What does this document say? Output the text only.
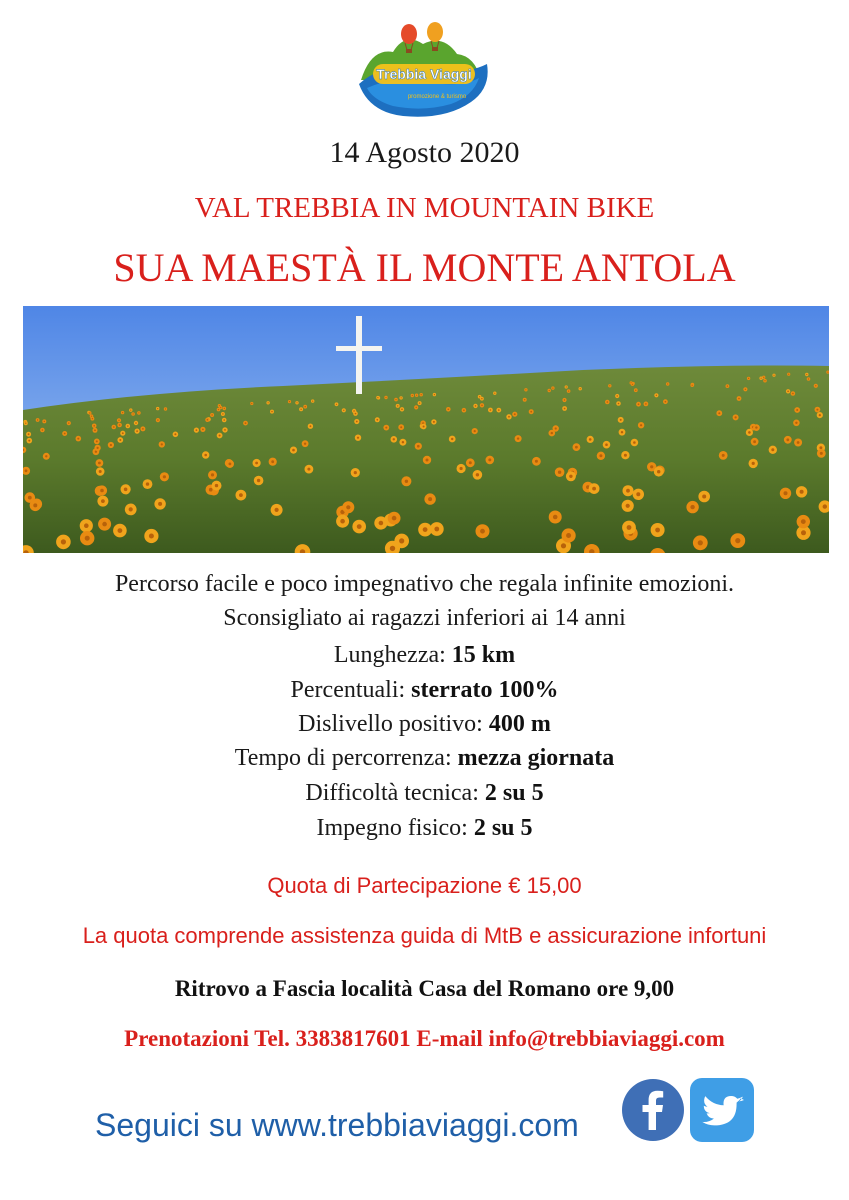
Trebbia Viaggi
promozione & turismo
14 Agosto 2020
VAL TREBBIA IN MOUNTAIN BIKE
SUA MAESTÀ IL MONTE ANTOLA
Percorso facile e poco impegnativo che regala infinite emozioni.
Sconsigliato ai ragazzi inferiori ai 14 anni
Lunghezza: 15 km
Percentuali: sterrato 100%
Dislivello positivo: 400 m
Tempo di percorrenza: mezza giornata
Difficoltà tecnica: 2 su 5
Impegno fisico: 2 su 5
Quota di Partecipazione € 15,00
La quota comprende assistenza guida di MtB e assicurazione infortuni
Ritrovo a Fascia località Casa del Romano ore 9,00
Prenotazioni Tel. 3383817601 E-mail info@trebbiaviaggi.com
Seguici su www.trebbiaviaggi.com
